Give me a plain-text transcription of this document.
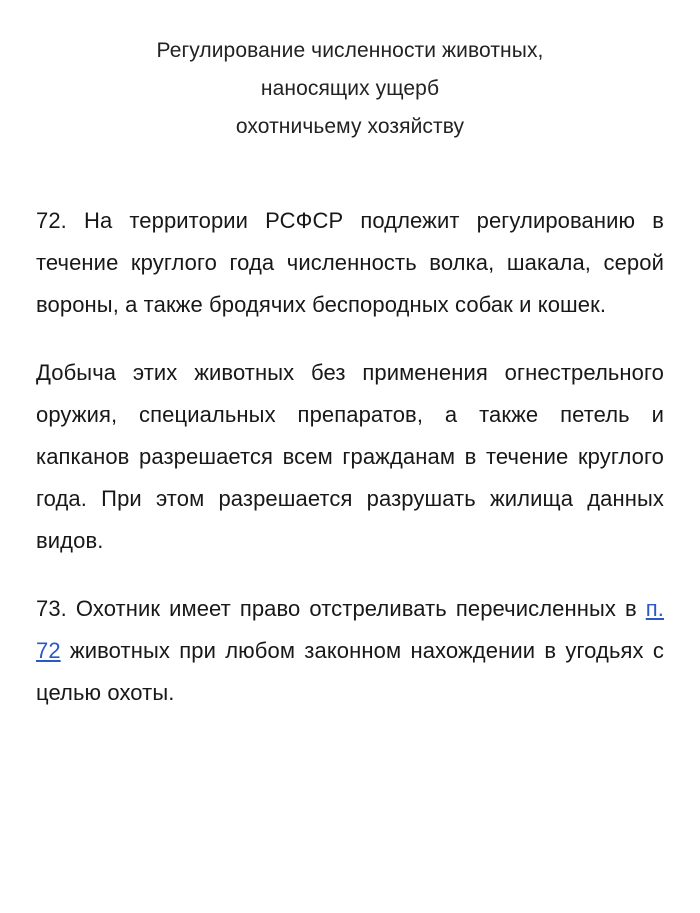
Регулирование численности животных,
наносящих ущерб
охотничьему хозяйству

72. На территории РСФСР подлежит регулированию в течение круглого года численность волка, шакала, серой вороны, а также бродячих беспородных собак и кошек.

Добыча этих животных без применения огнестрельного оружия, специальных препаратов, а также петель и капканов разрешается всем гражданам в течение круглого года. При этом разрешается разрушать жилища данных видов.

73. Охотник имеет право отстреливать перечисленных в п. 72 животных при любом законном нахождении в угодьях с целью охоты.
